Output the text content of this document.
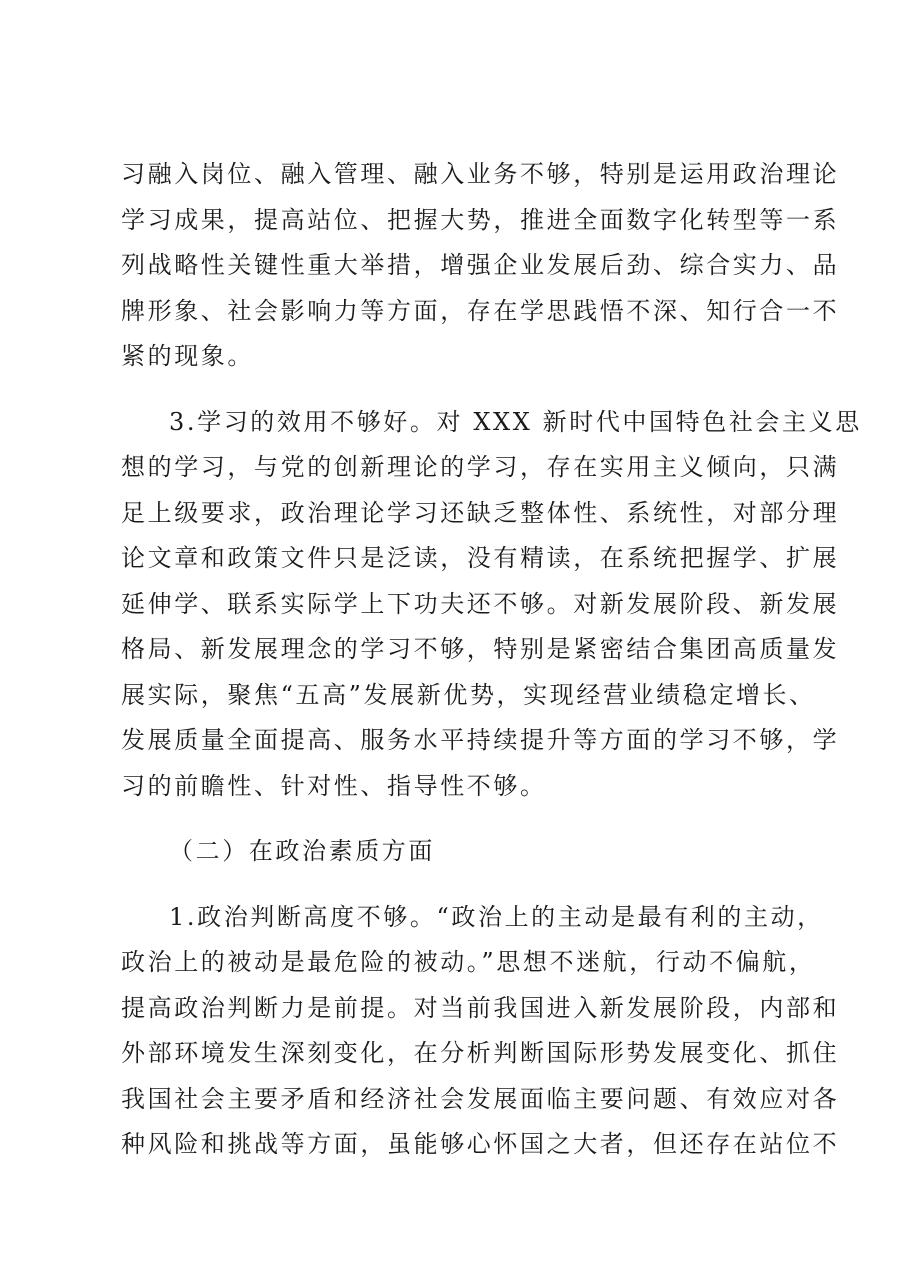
习融入岗位、融入管理、融入业务不够，特别是运用政治理论
学习成果，提高站位、把握大势，推进全面数字化转型等一系
列战略性关键性重大举措，增强企业发展后劲、综合实力、品
牌形象、社会影响力等方面，存在学思践悟不深、知行合一不
紧的现象。
3.学习的效用不够好。对 XXX 新时代中国特色社会主义思
想的学习，与党的创新理论的学习，存在实用主义倾向，只满
足上级要求，政治理论学习还缺乏整体性、系统性，对部分理
论文章和政策文件只是泛读，没有精读，在系统把握学、扩展
延伸学、联系实际学上下功夫还不够。对新发展阶段、新发展
格局、新发展理念的学习不够，特别是紧密结合集团高质量发
展实际，聚焦“五高”发展新优势，实现经营业绩稳定增长、
发展质量全面提高、服务水平持续提升等方面的学习不够，学
习的前瞻性、针对性、指导性不够。
（二）在政治素质方面
1.政治判断高度不够。“政治上的主动是最有利的主动，
政治上的被动是最危险的被动。”思想不迷航，行动不偏航，
提高政治判断力是前提。对当前我国进入新发展阶段，内部和
外部环境发生深刻变化，在分析判断国际形势发展变化、抓住
我国社会主要矛盾和经济社会发展面临主要问题、有效应对各
种风险和挑战等方面，虽能够心怀国之大者，但还存在站位不
